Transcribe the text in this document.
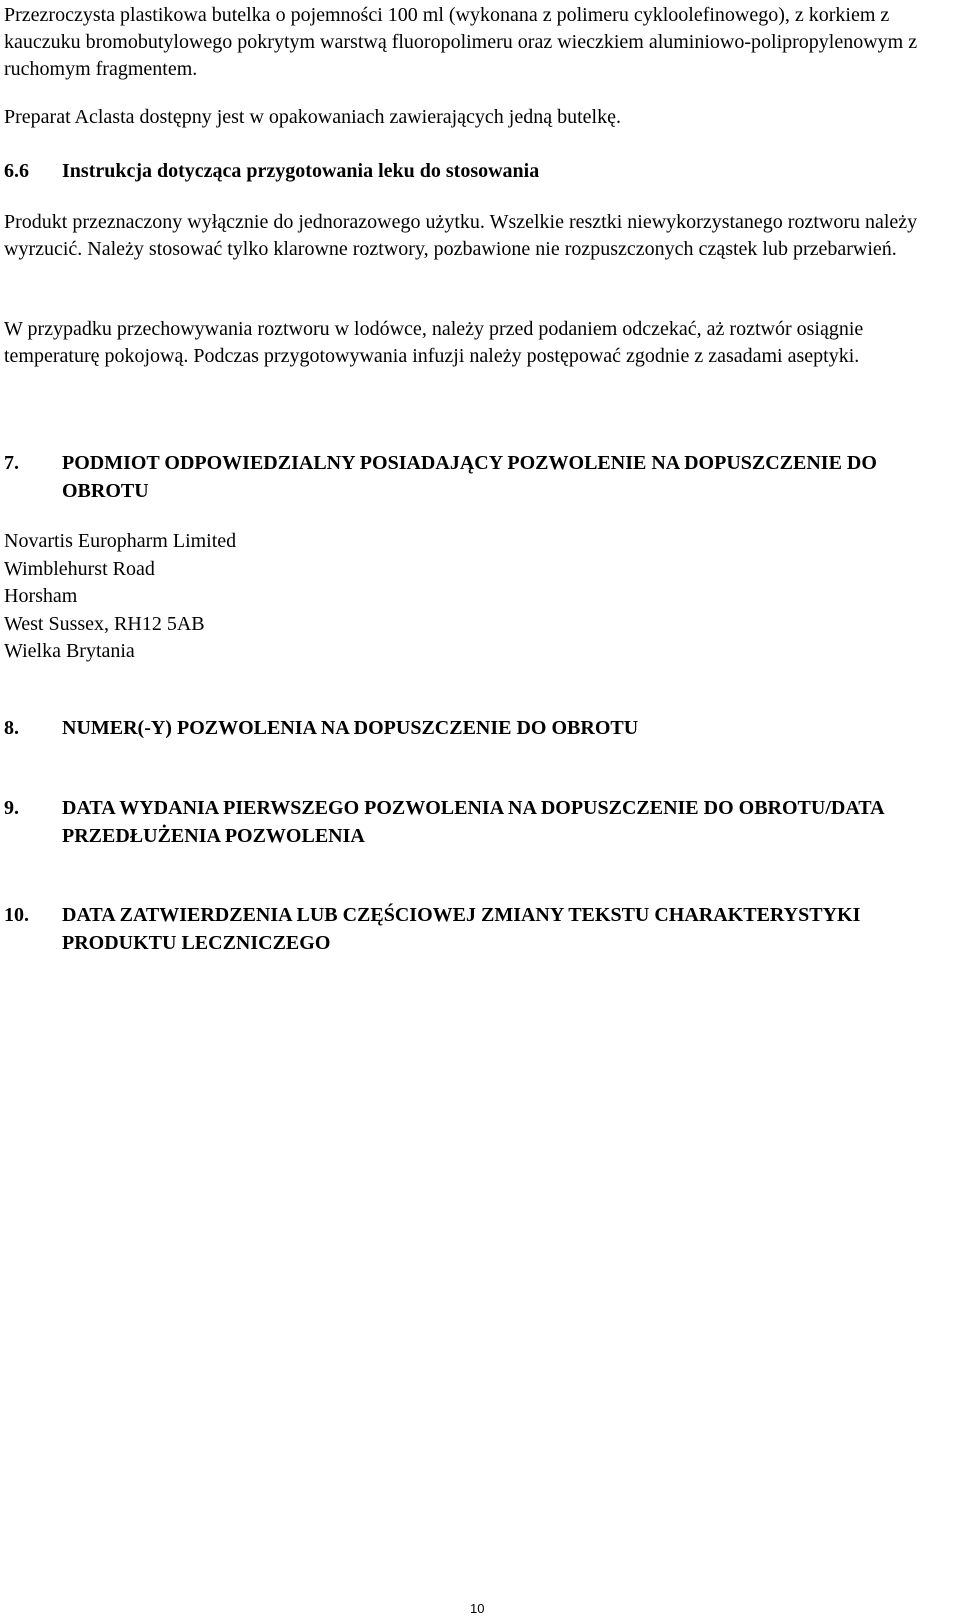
Przezroczysta plastikowa butelka o pojemności 100 ml (wykonana z polimeru cykloolefinowego), z korkiem z kauczuku bromobutylowego pokrytym warstwą fluoropolimeru oraz wieczkiem aluminiowo-polipropylenowym z ruchomym fragmentem.

Preparat Aclasta dostępny jest w opakowaniach zawierających jedną butelkę.

6.6	Instrukcja dotycząca przygotowania leku do stosowania

Produkt przeznaczony wyłącznie do jednorazowego użytku. Wszelkie resztki niewykorzystanego roztworu należy wyrzucić. Należy stosować tylko klarowne roztwory, pozbawione nie rozpuszczonych cząstek lub przebarwień.

W przypadku przechowywania roztworu w lodówce, należy przed podaniem odczekać, aż roztwór osiągnie temperaturę pokojową. Podczas przygotowywania infuzji należy postępować zgodnie z zasadami aseptyki.

7.	PODMIOT ODPOWIEDZIALNY POSIADAJĄCY POZWOLENIE NA DOPUSZCZENIE DO OBROTU
Novartis Europharm Limited
Wimblehurst Road
Horsham
West Sussex, RH12 5AB
Wielka Brytania
8.	NUMER(-Y) POZWOLENIA NA DOPUSZCZENIE DO OBROTU
9.	DATA WYDANIA PIERWSZEGO POZWOLENIA NA DOPUSZCZENIE DO OBROTU/DATA PRZEDŁUŻENIA POZWOLENIA
10.	DATA ZATWIERDZENIA LUB CZĘŚCIOWEJ ZMIANY TEKSTU CHARAKTERYSTYKI PRODUKTU LECZNICZEGO
10
